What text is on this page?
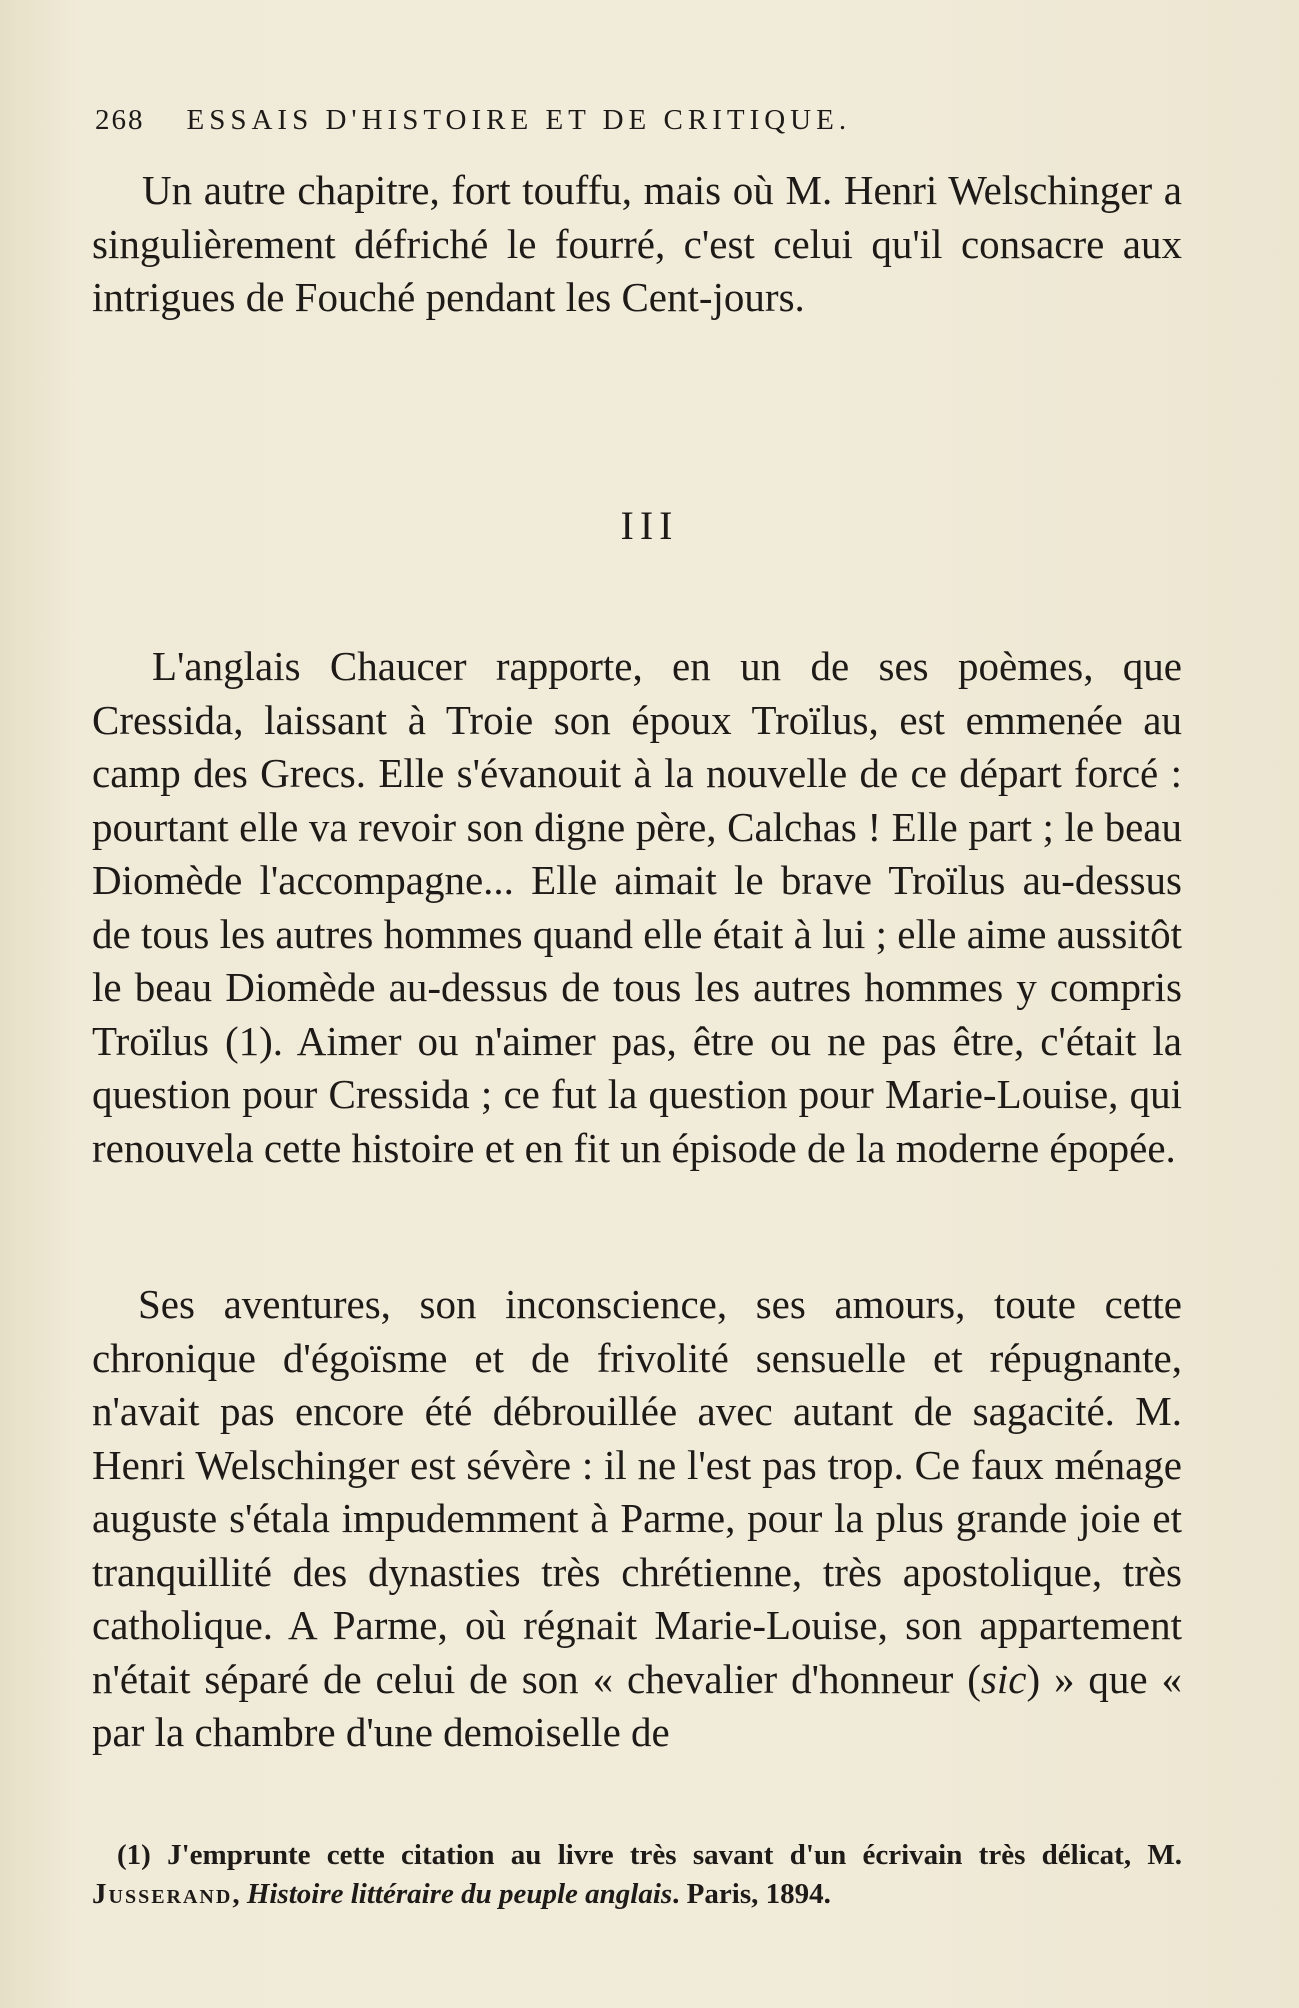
268 ESSAIS D'HISTOIRE ET DE CRITIQUE.
Un autre chapitre, fort touffu, mais où M. Henri Welschinger a singulièrement défriché le fourré, c'est celui qu'il consacre aux intrigues de Fouché pendant les Cent-jours.
III
L'anglais Chaucer rapporte, en un de ses poèmes, que Cressida, laissant à Troie son époux Troïlus, est emmenée au camp des Grecs. Elle s'évanouit à la nouvelle de ce départ forcé : pourtant elle va revoir son digne père, Calchas ! Elle part ; le beau Diomède l'accompagne... Elle aimait le brave Troïlus au-dessus de tous les autres hommes quand elle était à lui ; elle aime aussitôt le beau Diomède au-dessus de tous les autres hommes y compris Troïlus (1). Aimer ou n'aimer pas, être ou ne pas être, c'était la question pour Cressida ; ce fut la question pour Marie-Louise, qui renouvela cette histoire et en fit un épisode de la moderne épopée.
Ses aventures, son inconscience, ses amours, toute cette chronique d'égoïsme et de frivolité sensuelle et répugnante, n'avait pas encore été débrouillée avec autant de sagacité. M. Henri Welschinger est sévère : il ne l'est pas trop. Ce faux ménage auguste s'étala impudemment à Parme, pour la plus grande joie et tranquillité des dynasties très chrétienne, très apostolique, très catholique. A Parme, où régnait Marie-Louise, son appartement n'était séparé de celui de son « chevalier d'honneur (sic) » que « par la chambre d'une demoiselle de
(1) J'emprunte cette citation au livre très savant d'un écrivain très délicat, M. Jusserand, Histoire littéraire du peuple anglais. Paris, 1894.
